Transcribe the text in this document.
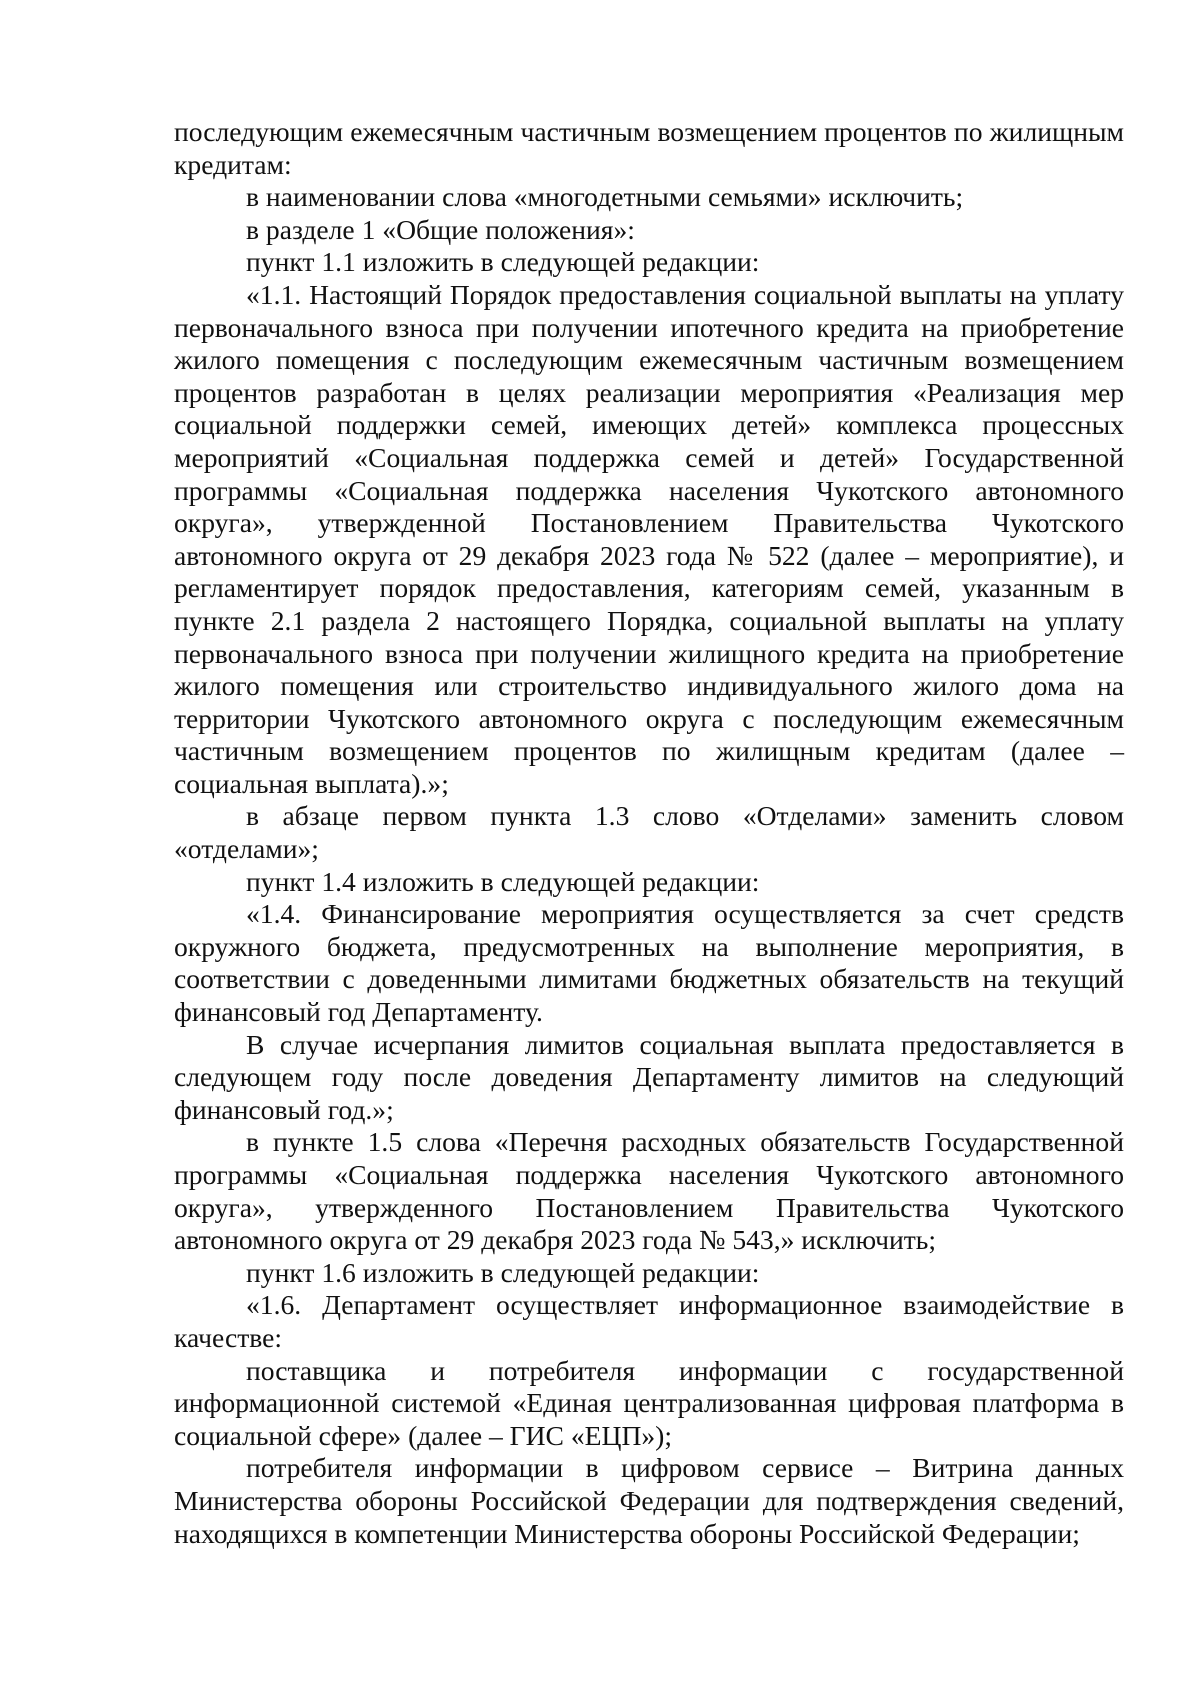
последующим ежемесячным частичным возмещением процентов по жилищным кредитам:

в наименовании слова «многодетными семьями» исключить;

в разделе 1 «Общие положения»:

пункт 1.1 изложить в следующей редакции:

«1.1. Настоящий Порядок предоставления социальной выплаты на уплату первоначального взноса при получении ипотечного кредита на приобретение жилого помещения с последующим ежемесячным частичным возмещением процентов разработан в целях реализации мероприятия «Реализация мер социальной поддержки семей, имеющих детей» комплекса процессных мероприятий «Социальная поддержка семей и детей» Государственной программы «Социальная поддержка населения Чукотского автономного округа», утвержденной Постановлением Правительства Чукотского автономного округа от 29 декабря 2023 года № 522 (далее – мероприятие), и регламентирует порядок предоставления, категориям семей, указанным в пункте 2.1 раздела 2 настоящего Порядка, социальной выплаты на уплату первоначального взноса при получении жилищного кредита на приобретение жилого помещения или строительство индивидуального жилого дома на территории Чукотского автономного округа с последующим ежемесячным частичным возмещением процентов по жилищным кредитам (далее – социальная выплата).»;

в абзаце первом пункта 1.3 слово «Отделами» заменить словом «отделами»;

пункт 1.4 изложить в следующей редакции:

«1.4. Финансирование мероприятия осуществляется за счет средств окружного бюджета, предусмотренных на выполнение мероприятия, в соответствии с доведенными лимитами бюджетных обязательств на текущий финансовый год Департаменту.

В случае исчерпания лимитов социальная выплата предоставляется в следующем году после доведения Департаменту лимитов на следующий финансовый год.»;

в пункте 1.5 слова «Перечня расходных обязательств Государственной программы «Социальная поддержка населения Чукотского автономного округа», утвержденного Постановлением Правительства Чукотского автономного округа от 29 декабря 2023 года № 543,» исключить;

пункт 1.6 изложить в следующей редакции:

«1.6. Департамент осуществляет информационное взаимодействие в качестве:

поставщика и потребителя информации с государственной информационной системой «Единая централизованная цифровая платформа в социальной сфере» (далее – ГИС «ЕЦП»);

потребителя информации в цифровом сервисе – Витрина данных Министерства обороны Российской Федерации для подтверждения сведений, находящихся в компетенции Министерства обороны Российской Федерации;
